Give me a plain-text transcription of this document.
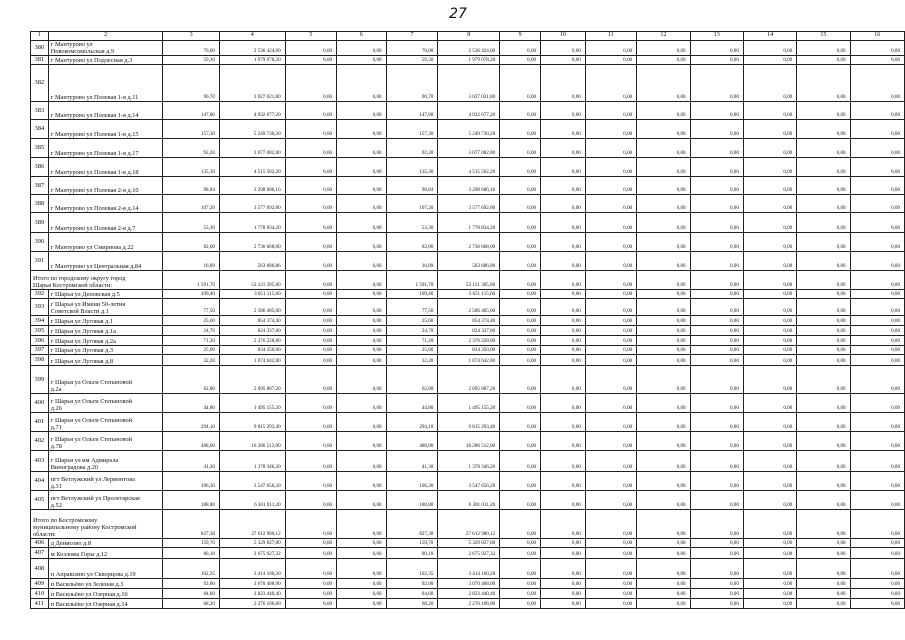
27
1	2	3	4	5	6	7	8	9	10	11	12	13	14	15	16
380	г Мантурово ул
Новокомсомольская д.9	76,00	2 536 424,00	0,00	0,00	76,00	2 536 424,00	0,00	0,00	0,00	0,00	0,00	0,00	0,00	0,00
381	г Мантурово ул Подлесная д.3	59,30	1 979 078,20	0,00	0,00	59,30	1 979 078,20	0,00	0,00	0,00	0,00	0,00	0,00	0,00	0,00
382	г Мантурово ул Полевая 1-я д.11	90,70	3 027 021,80	0,00	0,00	90,70	3 027 021,80	0,00	0,00	0,00	0,00	0,00	0,00	0,00	0,00
383	г Мантурово ул Полевая 1-я д.14	147,80	4 932 677,20	0,00	0,00	147,80	4 932 677,20	0,00	0,00	0,00	0,00	0,00	0,00	0,00	0,00
384	г Мантурово ул Полевая 1-я д.15	157,30	5 249 730,20	0,00	0,00	157,30	5 249 730,20	0,00	0,00	0,00	0,00	0,00	0,00	0,00	0,00
385	г Мантурово ул Полевая 1-я д.17	92,20	3 077 082,80	0,00	0,00	92,20	3 077 082,80	0,00	0,00	0,00	0,00	0,00	0,00	0,00	0,00
386	г Мантурово ул Полевая 1-я д.18	135,30	4 515 502,20	0,00	0,00	135,30	4 515 502,20	0,00	0,00	0,00	0,00	0,00	0,00	0,00	0,00
387	г Мантурово ул Полевая 2-я д.10	98,84	3 298 686,16	0,00	0,00	98,84	3 298 686,16	0,00	0,00	0,00	0,00	0,00	0,00	0,00	0,00
388	г Мантурово ул Полевая 2-я д.14	107,20	3 577 692,80	0,00	0,00	107,20	3 577 692,80	0,00	0,00	0,00	0,00	0,00	0,00	0,00	0,00
389	г Мантурово ул Полевая 2-я д.7	53,30	1 778 834,20	0,00	0,00	53,30	1 778 834,20	0,00	0,00	0,00	0,00	0,00	0,00	0,00	0,00
390	г Мантурово ул Смирнова д.22	82,00	2 736 668,00	0,00	0,00	82,00	2 736 668,00	0,00	0,00	0,00	0,00	0,00	0,00	0,00	0,00
391	г Мантурово ул Центральная д.84	16,89	563 686,86	0,00	0,00	16,89	563 686,86	0,00	0,00	0,00	0,00	0,00	0,00	0,00	0,00

Итого по городскому округу город
Шарья Костромской области:		1 591,70	53 121 395,80	0,00	0,00	1 591,70	53 121 395,80	0,00	0,00	0,00	0,00	0,00	0,00	0,00	0,00
392	г Шарья ул Деповская д.5	109,40	3 651 115,60	0,00	0,00	109,40	3 651 115,60	0,00	0,00	0,00	0,00	0,00	0,00	0,00	0,00
393	г Шарья ул Имени 50-летия
Советской Власти д.1	77,50	2 586 485,00	0,00	0,00	77,50	2 586 485,00	0,00	0,00	0,00	0,00	0,00	0,00	0,00	0,00
394	г Шарья ул Луговая д.1	25,60	854 374,40	0,00	0,00	25,60	854 374,40	0,00	0,00	0,00	0,00	0,00	0,00	0,00	0,00
395	г Шарья ул Луговая д.1а	24,70	824 337,80	0,00	0,00	24,70	824 337,80	0,00	0,00	0,00	0,00	0,00	0,00	0,00	0,00
396	г Шарья ул Луговая д.2а	71,20	2 376 228,80	0,00	0,00	71,20	2 376 228,80	0,00	0,00	0,00	0,00	0,00	0,00	0,00	0,00
397	г Шарья ул Луговая д.3	25,00	834 350,00	0,00	0,00	25,00	834 350,00	0,00	0,00	0,00	0,00	0,00	0,00	0,00	0,00
398	г Шарья ул Луговая д.8	32,20	1 074 642,80	0,00	0,00	32,20	1 074 642,80	0,00	0,00	0,00	0,00	0,00	0,00	0,00	0,00
399	г Шарья ул Ольги Степановой
д.2а	62,80	2 095 887,20	0,00	0,00	62,80	2 095 887,20	0,00	0,00	0,00	0,00	0,00	0,00	0,00	0,00
400	г Шарья ул Ольги Степановой
д.26	44,80	1 495 155,20	0,00	0,00	44,80	1 495 155,20	0,00	0,00	0,00	0,00	0,00	0,00	0,00	0,00
401	г Шарья ул Ольги Степановой
д.71	294,10	9 815 293,40	0,00	0,00	294,10	9 815 293,40	0,00	0,00	0,00	0,00	0,00	0,00	0,00	0,00
402	г Шарья ул Ольги Степановой
д.78	488,00	16 286 512,00	0,00	0,00	488,00	16 286 512,00	0,00	0,00	0,00	0,00	0,00	0,00	0,00	0,00
403	г Шарья ул им Адмирала
Виноградова д.20	41,30	1 378 346,20	0,00	0,00	41,30	1 378 346,20	0,00	0,00	0,00	0,00	0,00	0,00	0,00	0,00
404	пгт Ветлужский ул Лермонтова
д.31	106,30	3 547 656,20	0,00	0,00	106,30	3 547 656,20	0,00	0,00	0,00	0,00	0,00	0,00	0,00	0,00
405	пгт Ветлужский ул Пролетарская
д.52	188,80	6 301 011,20	0,00	0,00	188,80	6 301 011,20	0,00	0,00	0,00	0,00	0,00	0,00	0,00	0,00

Итого по Костромскому
муниципальному району Костромской
области:		827,38	27 612 980,12	0,00	0,00	827,38	27 612 980,12	0,00	0,00	0,00	0,00	0,00	0,00	0,00	0,00
406	д Денисово д.8	159,70	5 329 827,80	0,00	0,00	159,70	5 329 827,80	0,00	0,00	0,00	0,00	0,00	0,00	0,00	0,00
407	м Козловы Горы д.12	80,18	2 675 927,32	0,00	0,00	80,18	2 675 927,32	0,00	0,00	0,00	0,00	0,00	0,00	0,00	0,00
408	п Апраксино ул Скворцова д.19	102,35	3 414 160,20	0,00	0,00	102,35	3 414 160,20	0,00	0,00	0,00	0,00	0,00	0,00	0,00	0,00
409	п Васильёво ул Зеленая д.3	92,00	3 070 408,00	0,00	0,00	92,00	3 070 408,00	0,00	0,00	0,00	0,00	0,00	0,00	0,00	0,00
410	п Васильёво ул Озерная д.10	84,60	2 823 440,40	0,00	0,00	84,60	2 823 440,40	0,00	0,00	0,00	0,00	0,00	0,00	0,00	0,00
411	п Васильёво ул Озерная д.14	68,20	2 276 106,80	0,00	0,00	68,20	2 276 106,80	0,00	0,00	0,00	0,00	0,00	0,00	0,00	0,00
